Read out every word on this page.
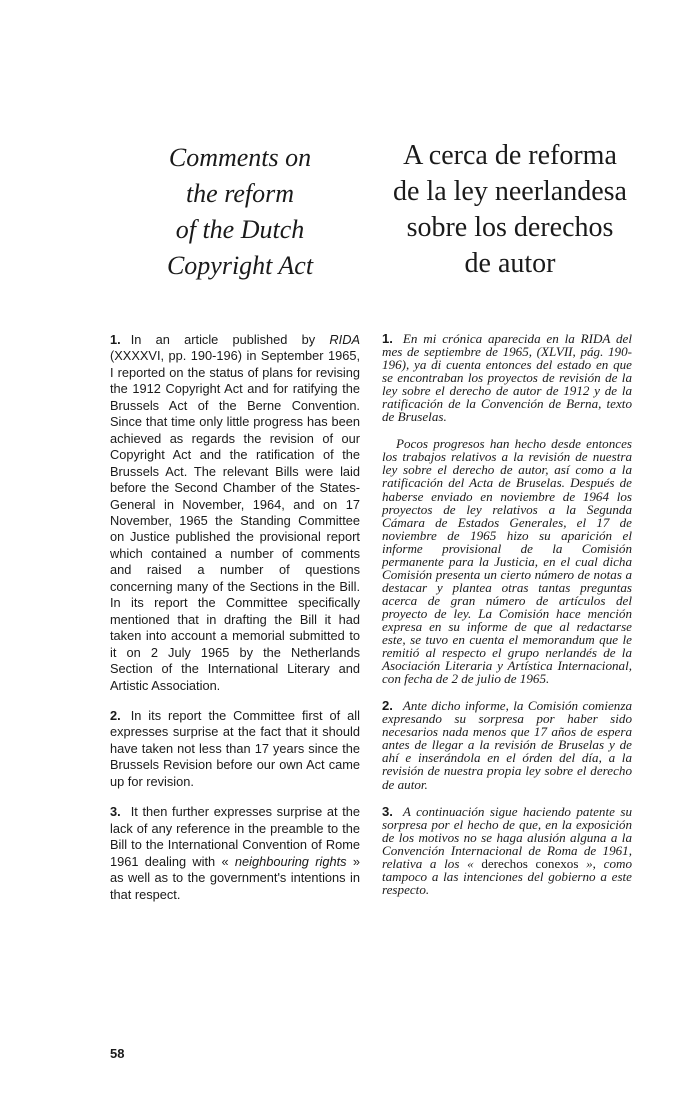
Comments on
the reform
of the Dutch
Copyright Act
A cerca de reforma
de la ley neerlandesa
sobre los derechos
de autor

1. In an article published by RIDA (XXXXVI, pp. 190-196) in September 1965, I reported on the status of plans for revising the 1912 Copyright Act and for ratifying the Brussels Act of the Berne Convention. Since that time only little progress has been achieved as regards the revision of our Copyright Act and the ratification of the Brussels Act. The relevant Bills were laid before the Second Chamber of the States-General in November, 1964, and on 17 November, 1965 the Standing Committee on Justice published the provisional report which contained a number of comments and raised a number of questions concerning many of the Sections in the Bill. In its report the Committee specifically mentioned that in drafting the Bill it had taken into account a memorial submitted to it on 2 July 1965 by the Netherlands Section of the International Literary and Artistic Association.

2. In its report the Committee first of all expresses surprise at the fact that it should have taken not less than 17 years since the Brussels Revision before our own Act came up for revision.

3. It then further expresses surprise at the lack of any reference in the preamble to the Bill to the International Convention of Rome 1961 dealing with « neighbouring rights » as well as to the government's intentions in that respect.

1. En mi crónica aparecida en la RIDA del mes de septiembre de 1965, (XLVII, pág. 190-196), ya di cuenta entonces del estado en que se encontraban los proyectos de revisión de la ley sobre el derecho de autor de 1912 y de la ratificación de la Convención de Berna, texto de Bruselas.

Pocos progresos han hecho desde entonces los trabajos relativos a la revisión de nuestra ley sobre el derecho de autor, así como a la ratificación del Acta de Bruselas. Después de haberse enviado en noviembre de 1964 los proyectos de ley relativos a la Segunda Cámara de Estados Generales, el 17 de noviembre de 1965 hizo su aparición el informe provisional de la Comisión permanente para la Justicia, en el cual dicha Comisión presenta un cierto número de notas a destacar y plantea otras tantas preguntas acerca de gran número de artículos del proyecto de ley. La Comisión hace mención expresa en su informe de que al redactarse este, se tuvo en cuenta el memorandum que le remitió al respecto el grupo nerlandés de la Asociación Literaria y Artística Internacional, con fecha de 2 de julio de 1965.

2. Ante dicho informe, la Comisión comienza expresando su sorpresa por haber sido necesarios nada menos que 17 años de espera antes de llegar a la revisión de Bruselas y de ahí e inserándola en el órden del día, a la revisión de nuestra propia ley sobre el derecho de autor.

3. A continuación sigue haciendo patente su sorpresa por el hecho de que, en la exposición de los motivos no se haga alusión alguna a la Convención Internacional de Roma de 1961, relativa a los « derechos conexos », como tampoco a las intenciones del gobierno a este respecto.

58
